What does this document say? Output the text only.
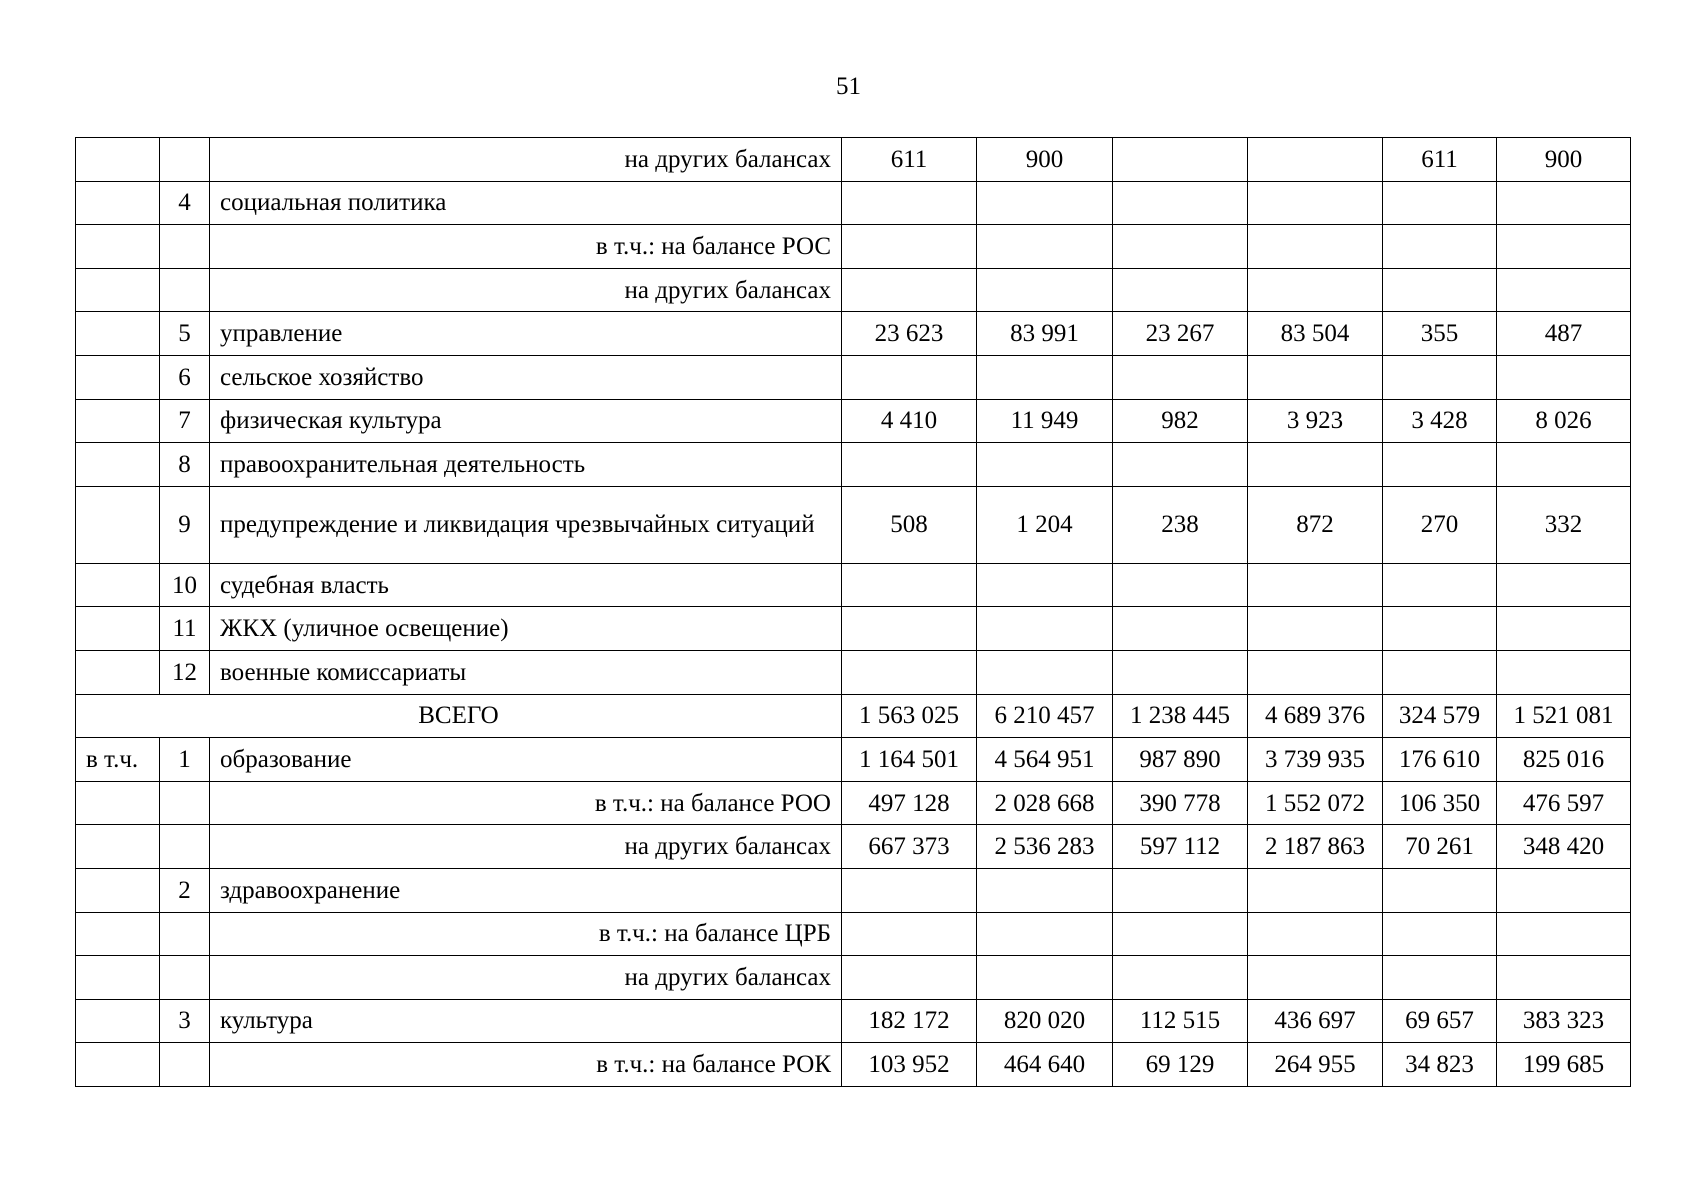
51
		на других балансах	611	900			611	900
	4	социальная политика						
		в т.ч.: на балансе РОС						
		на других балансах						
	5	управление	23 623	83 991	23 267	83 504	355	487
	6	сельское хозяйство						
	7	физическая культура	4 410	11 949	982	3 923	3 428	8 026
	8	правоохранительная деятельность						
	9	предупреждение и ликвидация чрезвычайных ситуаций	508	1 204	238	872	270	332
	10	судебная власть						
	11	ЖКХ (уличное освещение)						
	12	военные комиссариаты						
ВСЕГО			1 563 025	6 210 457	1 238 445	4 689 376	324 579	1 521 081
в т.ч.	1	образование	1 164 501	4 564 951	987 890	3 739 935	176 610	825 016
		в т.ч.: на балансе РОО	497 128	2 028 668	390 778	1 552 072	106 350	476 597
		на других балансах	667 373	2 536 283	597 112	2 187 863	70 261	348 420
	2	здравоохранение						
		в т.ч.: на балансе ЦРБ						
		на других балансах						
	3	культура	182 172	820 020	112 515	436 697	69 657	383 323
		в т.ч.: на балансе РОК	103 952	464 640	69 129	264 955	34 823	199 685
